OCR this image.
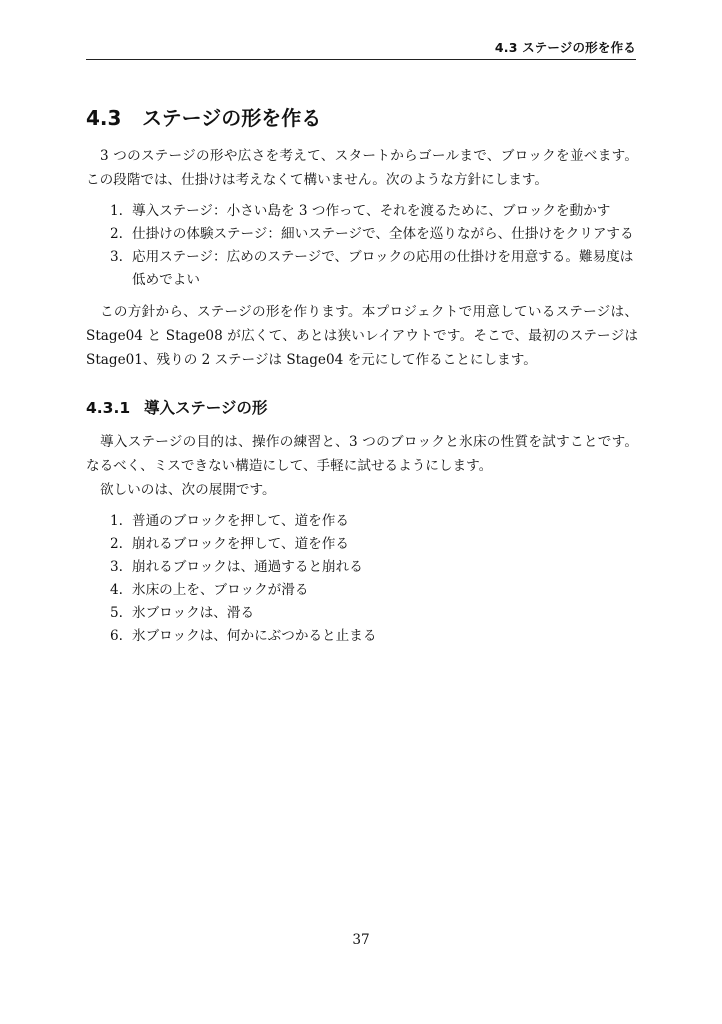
4.3 ステージの形を作る
4.3 ステージの形を作る

3 つのステージの形や広さを考えて、スタートからゴールまで、ブロックを並べます。この段階では、仕掛けは考えなくて構いません。次のような方針にします。

1. 導入ステージ：小さい島を 3 つ作って、それを渡るために、ブロックを動かす
2. 仕掛けの体験ステージ：細いステージで、全体を巡りながら、仕掛けをクリアする
3. 応用ステージ：広めのステージで、ブロックの応用の仕掛けを用意する。難易度は低めでよい

この方針から、ステージの形を作ります。本プロジェクトで用意しているステージは、Stage04 と Stage08 が広くて、あとは狭いレイアウトです。そこで、最初のステージは Stage01、残りの 2 ステージは Stage04 を元にして作ることにします。

4.3.1 導入ステージの形

導入ステージの目的は、操作の練習と、3 つのブロックと氷床の性質を試すことです。なるべく、ミスできない構造にして、手軽に試せるようにします。

欲しいのは、次の展開です。

1. 普通のブロックを押して、道を作る
2. 崩れるブロックを押して、道を作る
3. 崩れるブロックは、通過すると崩れる
4. 氷床の上を、ブロックが滑る
5. 氷ブロックは、滑る
6. 氷ブロックは、何かにぶつかると止まる
37
